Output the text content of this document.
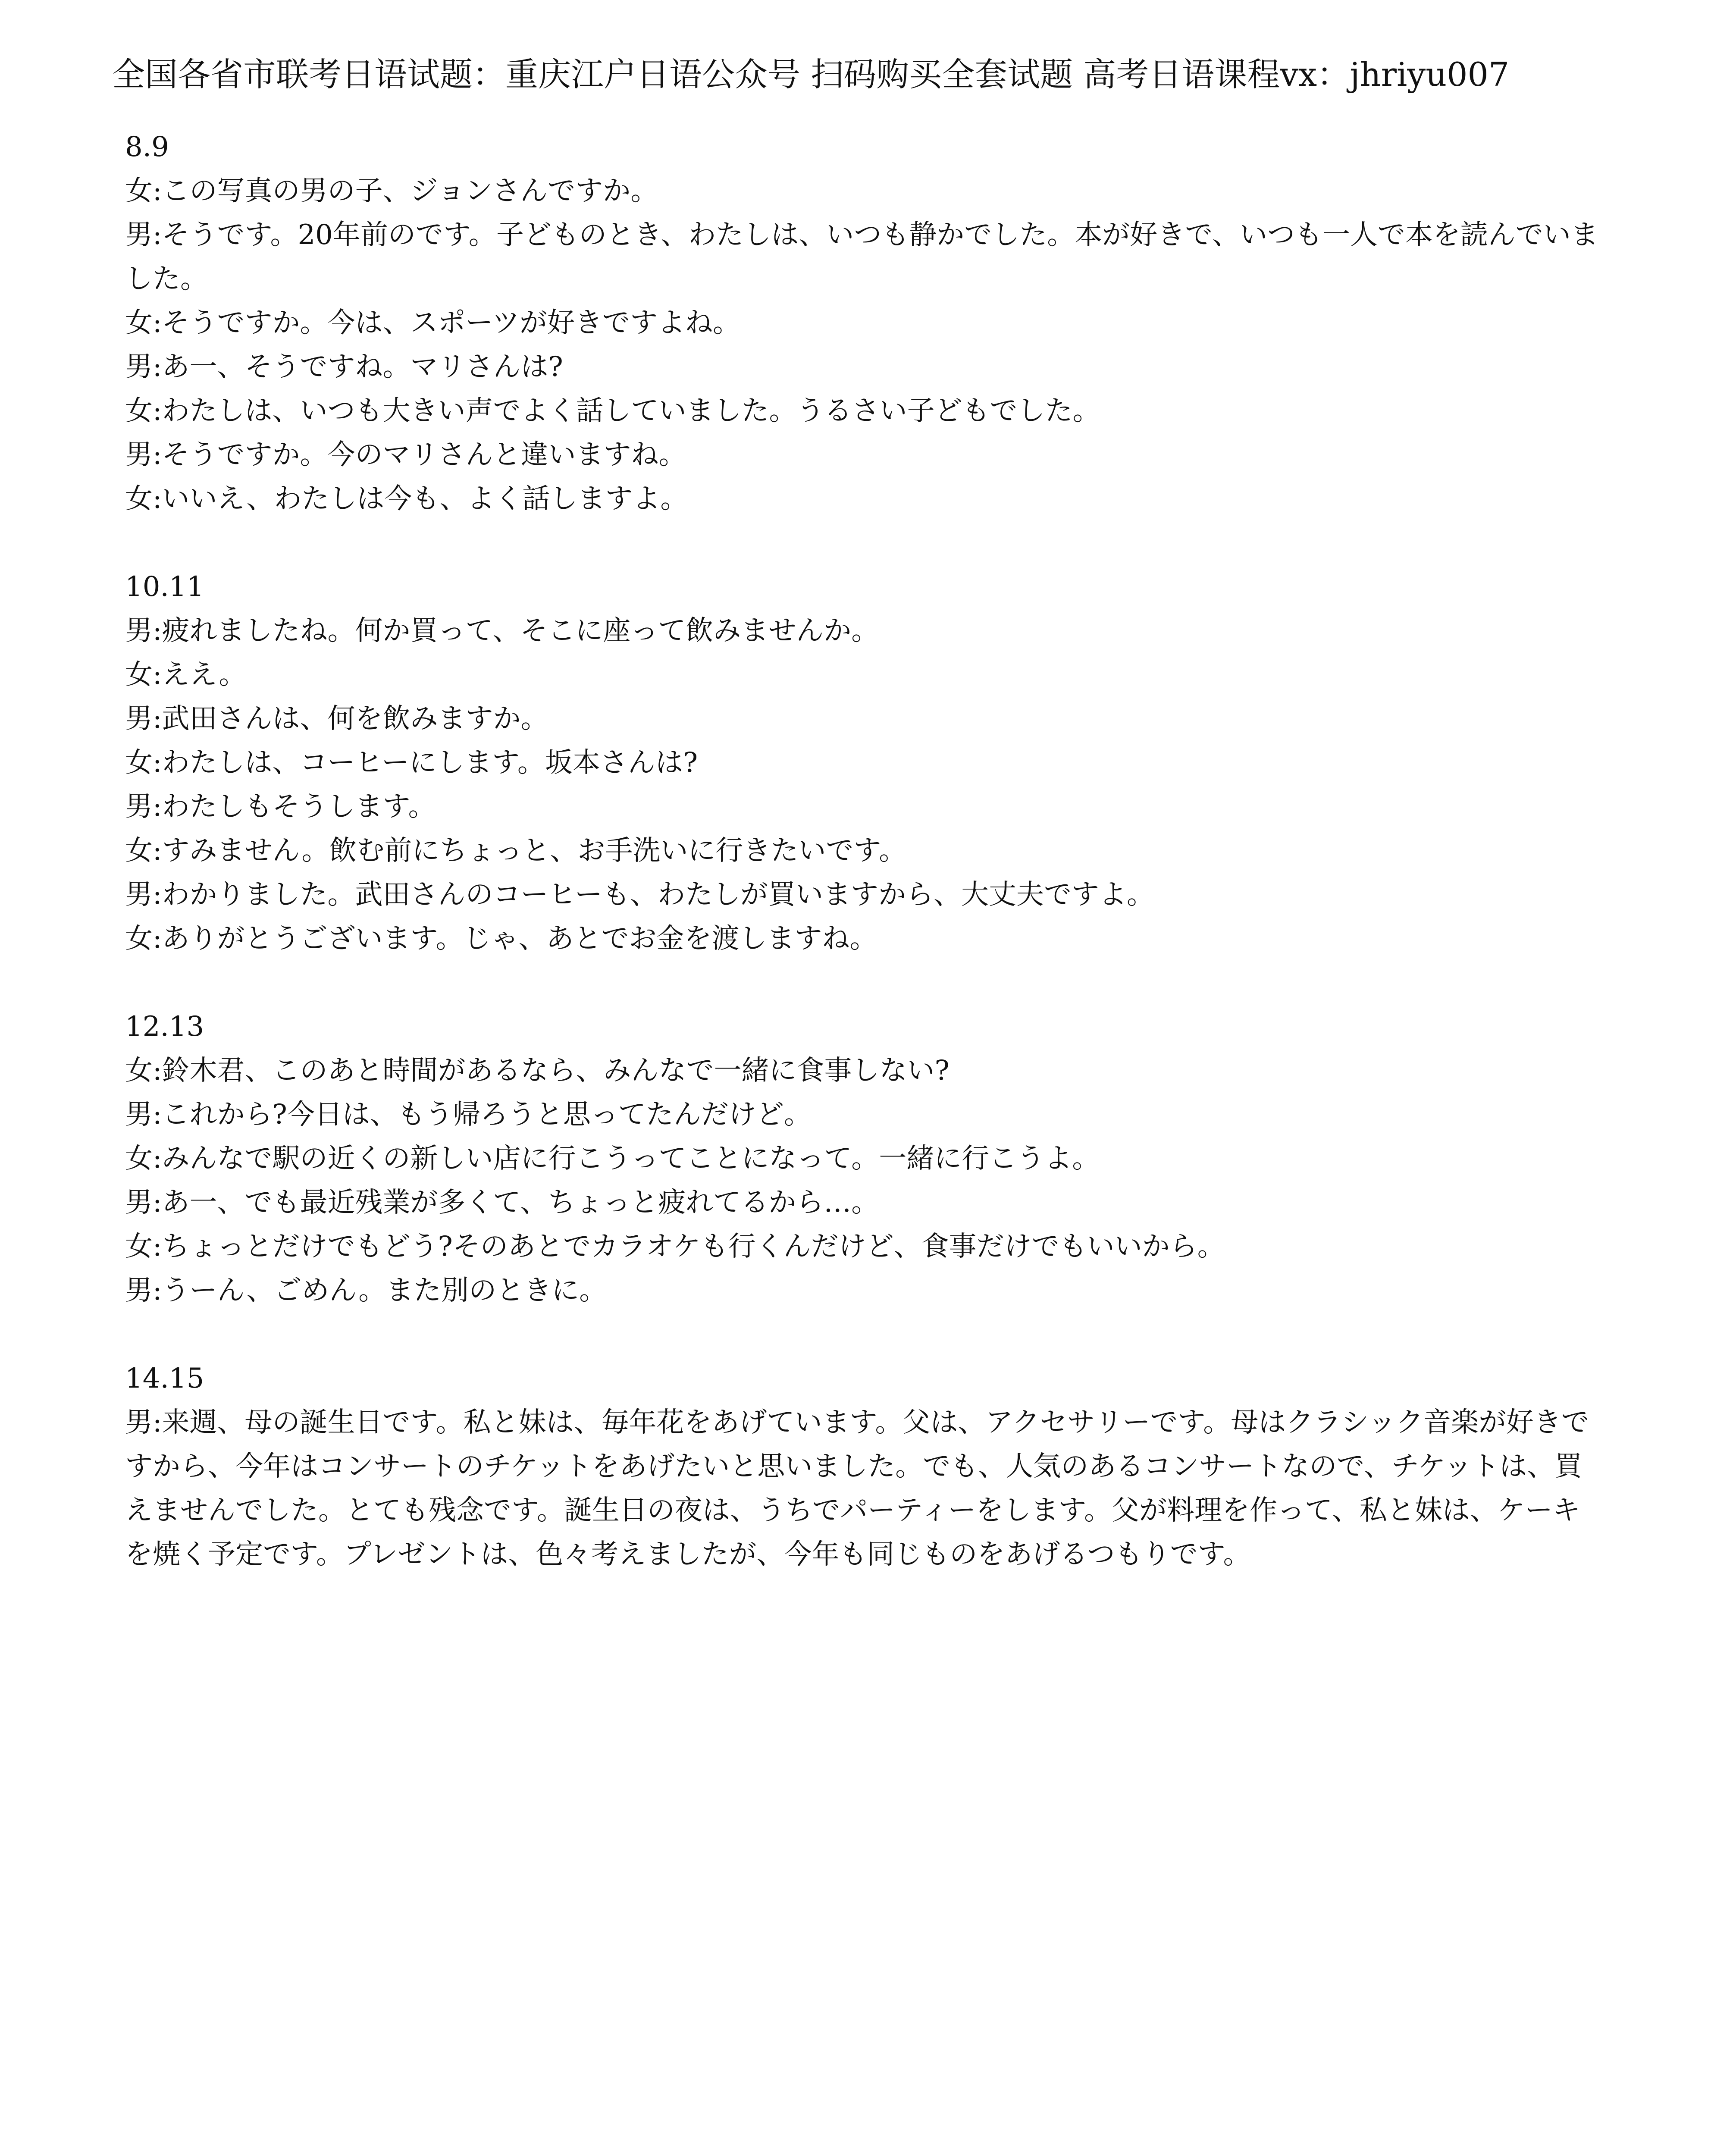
全国各省市联考日语试题：重庆江户日语公众号 扫码购买全套试题 高考日语课程vx：jhriyu007
8.9
女:この写真の男の子、ジョンさんですか。
男:そうです。20年前のです。子どものとき、わたしは、いつも静かでした。本が好きで、いつも一人で本を読んでいました。
女:そうですか。今は、スポーツが好きですよね。
男:あ一、そうですね。マリさんは?
女:わたしは、いつも大きい声でよく話していました。うるさい子どもでした。
男:そうですか。今のマリさんと違いますね。
女:いいえ、わたしは今も、よく話しますよ。
10.11
男:疲れましたね。何か買って、そこに座って飲みませんか。
女:ええ。
男:武田さんは、何を飲みますか。
女:わたしは、コーヒーにします。坂本さんは?
男:わたしもそうします。
女:すみません。飲む前にちょっと、お手洗いに行きたいです。
男:わかりました。武田さんのコーヒーも、わたしが買いますから、大丈夫ですよ。
女:ありがとうございます。じゃ、あとでお金を渡しますね。
12.13
女:鈴木君、このあと時間があるなら、みんなで一緒に食事しない?
男:これから?今日は、もう帰ろうと思ってたんだけど。
女:みんなで駅の近くの新しい店に行こうってことになって。一緒に行こうよ。
男:あ一、でも最近残業が多くて、ちょっと疲れてるから…。
女:ちょっとだけでもどう?そのあとでカラオケも行くんだけど、食事だけでもいいから。
男:うーん、ごめん。また別のときに。
14.15
男:来週、母の誕生日です。私と妹は、毎年花をあげています。父は、アクセサリーです。母はクラシック音楽が好きですから、今年はコンサートのチケットをあげたいと思いました。でも、人気のあるコンサートなので、チケットは、買えませんでした。とても残念です。誕生日の夜は、うちでパーティーをします。父が料理を作って、私と妹は、ケーキを焼く予定です。プレゼントは、色々考えましたが、今年も同じものをあげるつもりです。
